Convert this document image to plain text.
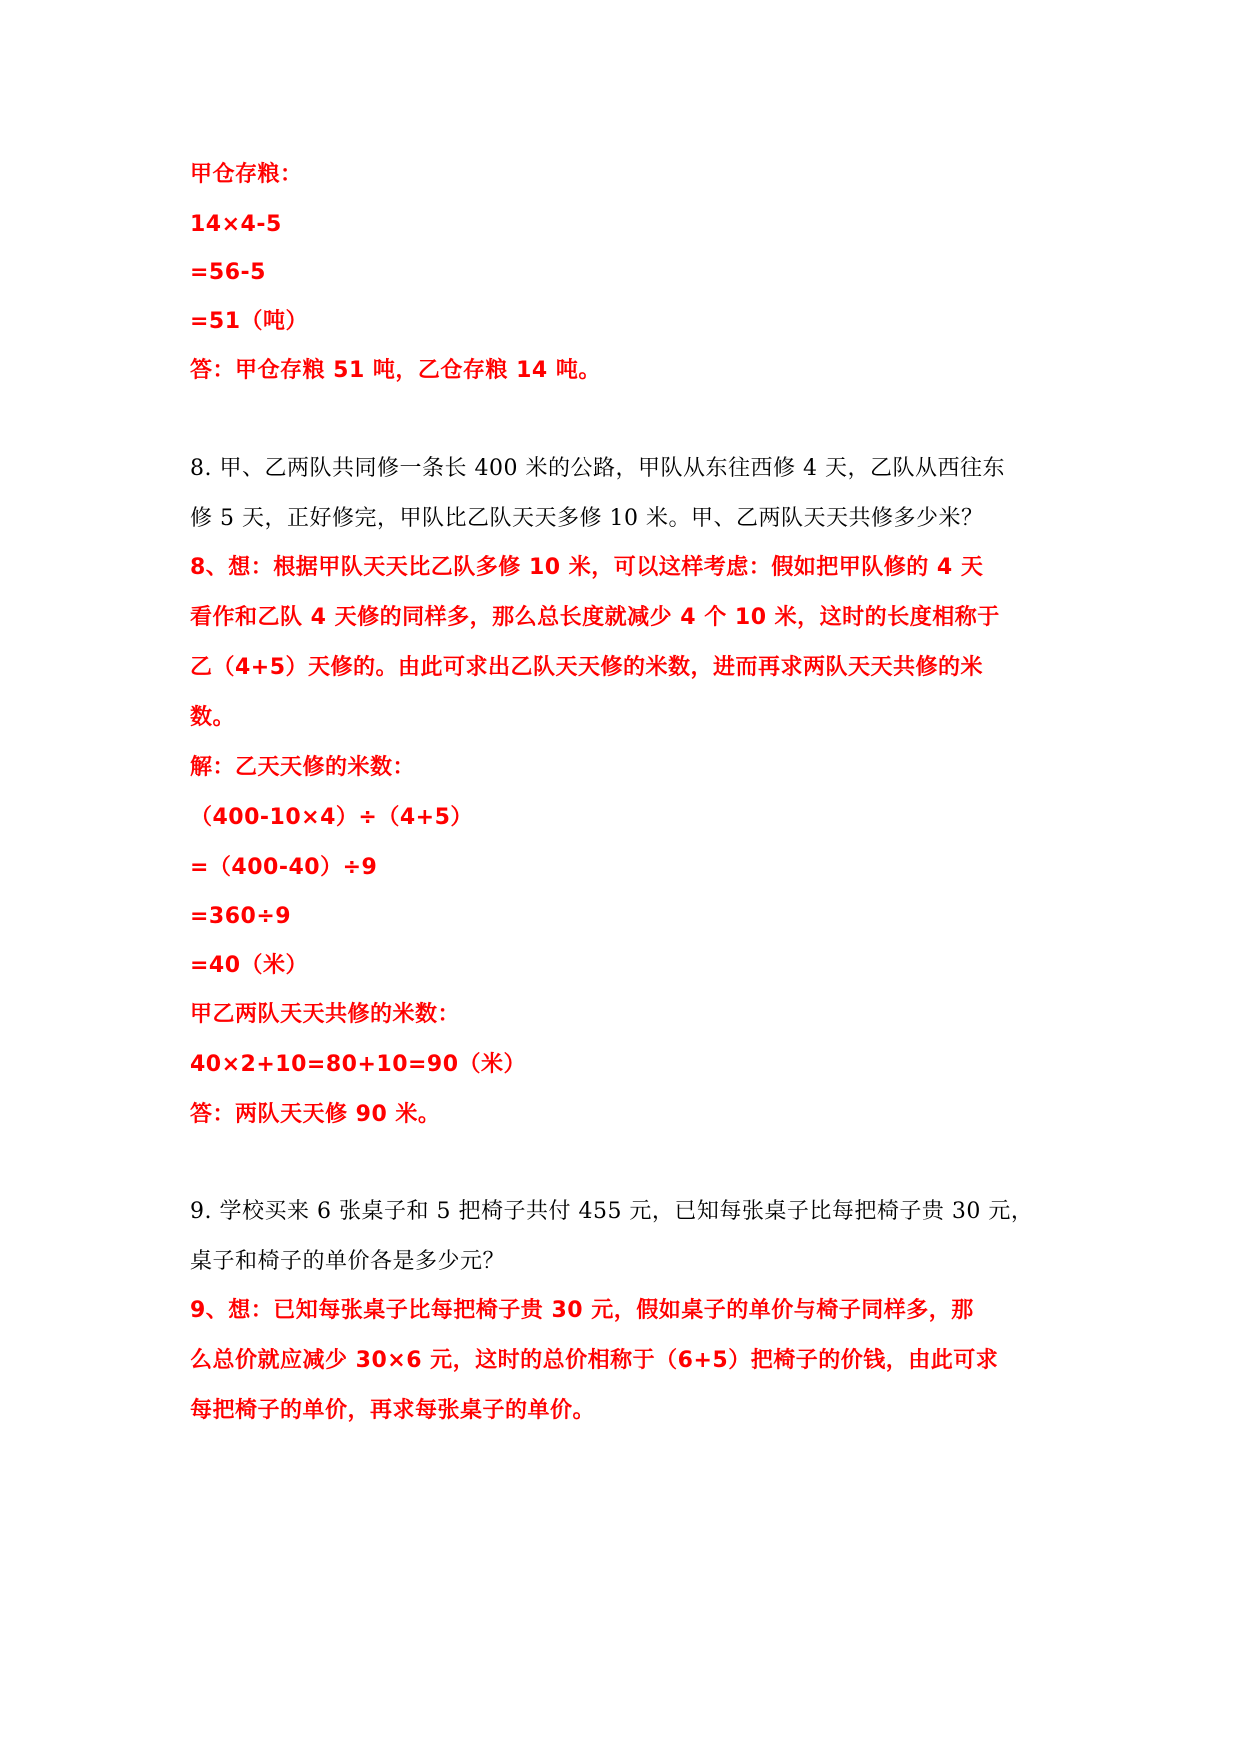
甲仓存粮：
14×4-5
=56-5
=51（吨）
答：甲仓存粮 51 吨，乙仓存粮 14 吨。
8. 甲、乙两队共同修一条长 400 米的公路，甲队从东往西修 4 天，乙队从西往东
修 5 天，正好修完，甲队比乙队天天多修 10 米。甲、乙两队天天共修多少米？
8、想：根据甲队天天比乙队多修 10 米，可以这样考虑：假如把甲队修的 4 天
看作和乙队 4 天修的同样多，那么总长度就减少 4 个 10 米，这时的长度相称于
乙（4+5）天修的。由此可求出乙队天天修的米数，进而再求两队天天共修的米
数。
解：乙天天修的米数：
（400-10×4）÷（4+5）
=（400-40）÷9
=360÷9
=40（米）
甲乙两队天天共修的米数：
40×2+10=80+10=90（米）
答：两队天天修 90 米。
9. 学校买来 6 张桌子和 5 把椅子共付 455 元，已知每张桌子比每把椅子贵 30 元，
桌子和椅子的单价各是多少元？
9、想：已知每张桌子比每把椅子贵 30 元，假如桌子的单价与椅子同样多，那
么总价就应减少 30×6 元，这时的总价相称于（6+5）把椅子的价钱，由此可求
每把椅子的单价，再求每张桌子的单价。
